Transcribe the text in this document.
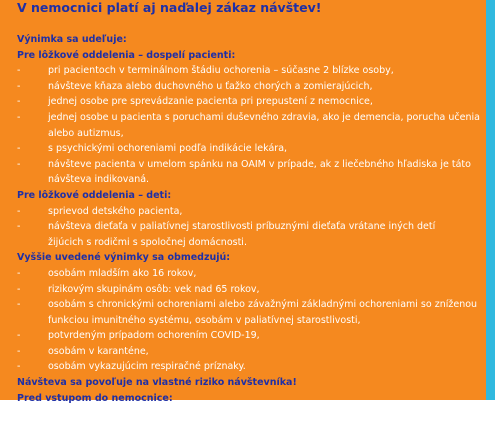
V nemocnici platí aj naďalej zákaz návštev!
Výnimka sa udeľuje:
Pre lôžkové oddelenia – dospelí pacienti:
-	pri pacientoch v terminálnom štádiu ochorenia – súčasne 2 blízke osoby,
-	návšteve kňaza alebo duchovného u ťažko chorých a zomierajúcich,
-	jednej osobe pre sprevádzanie pacienta pri prepustení z nemocnice,
-	jednej osobe u pacienta s poruchami duševného zdravia, ako je demencia, porucha učenia
alebo autizmus,
-	s psychickými ochoreniami podľa indikácie lekára,
-	návšteve pacienta v umelom spánku na OAIM v prípade, ak z liečebného hľadiska je táto
návšteva indikovaná.
Pre lôžkové oddelenia – deti:
-	sprievod detského pacienta,
-	návšteva dieťaťa v paliatívnej starostlivosti príbuznými dieťaťa vrátane iných detí
žijúcich s rodičmi s spoločnej domácnosti.
Vyššie uvedené výnimky sa obmedzujú:
-	osobám mladším ako 16 rokov,
-	rizikovým skupinám osôb: vek nad 65 rokov,
-	osobám s chronickými ochoreniami alebo závažnými základnými ochoreniami so zníženou
funkciou imunitného systému, osobám v paliatívnej starostlivosti,
-	potvrdeným prípadom ochorením COVID-19,
-	osobám v karanténe,
-	osobám vykazujúcim respiračné príznaky.
Návšteva sa povoľuje na vlastné riziko návštevníka!
Pred vstupom do nemocnice:
-	pred návštevou je potrebné kontaktovať príslušné oddelenie a dohodnúť si dátum a čas
